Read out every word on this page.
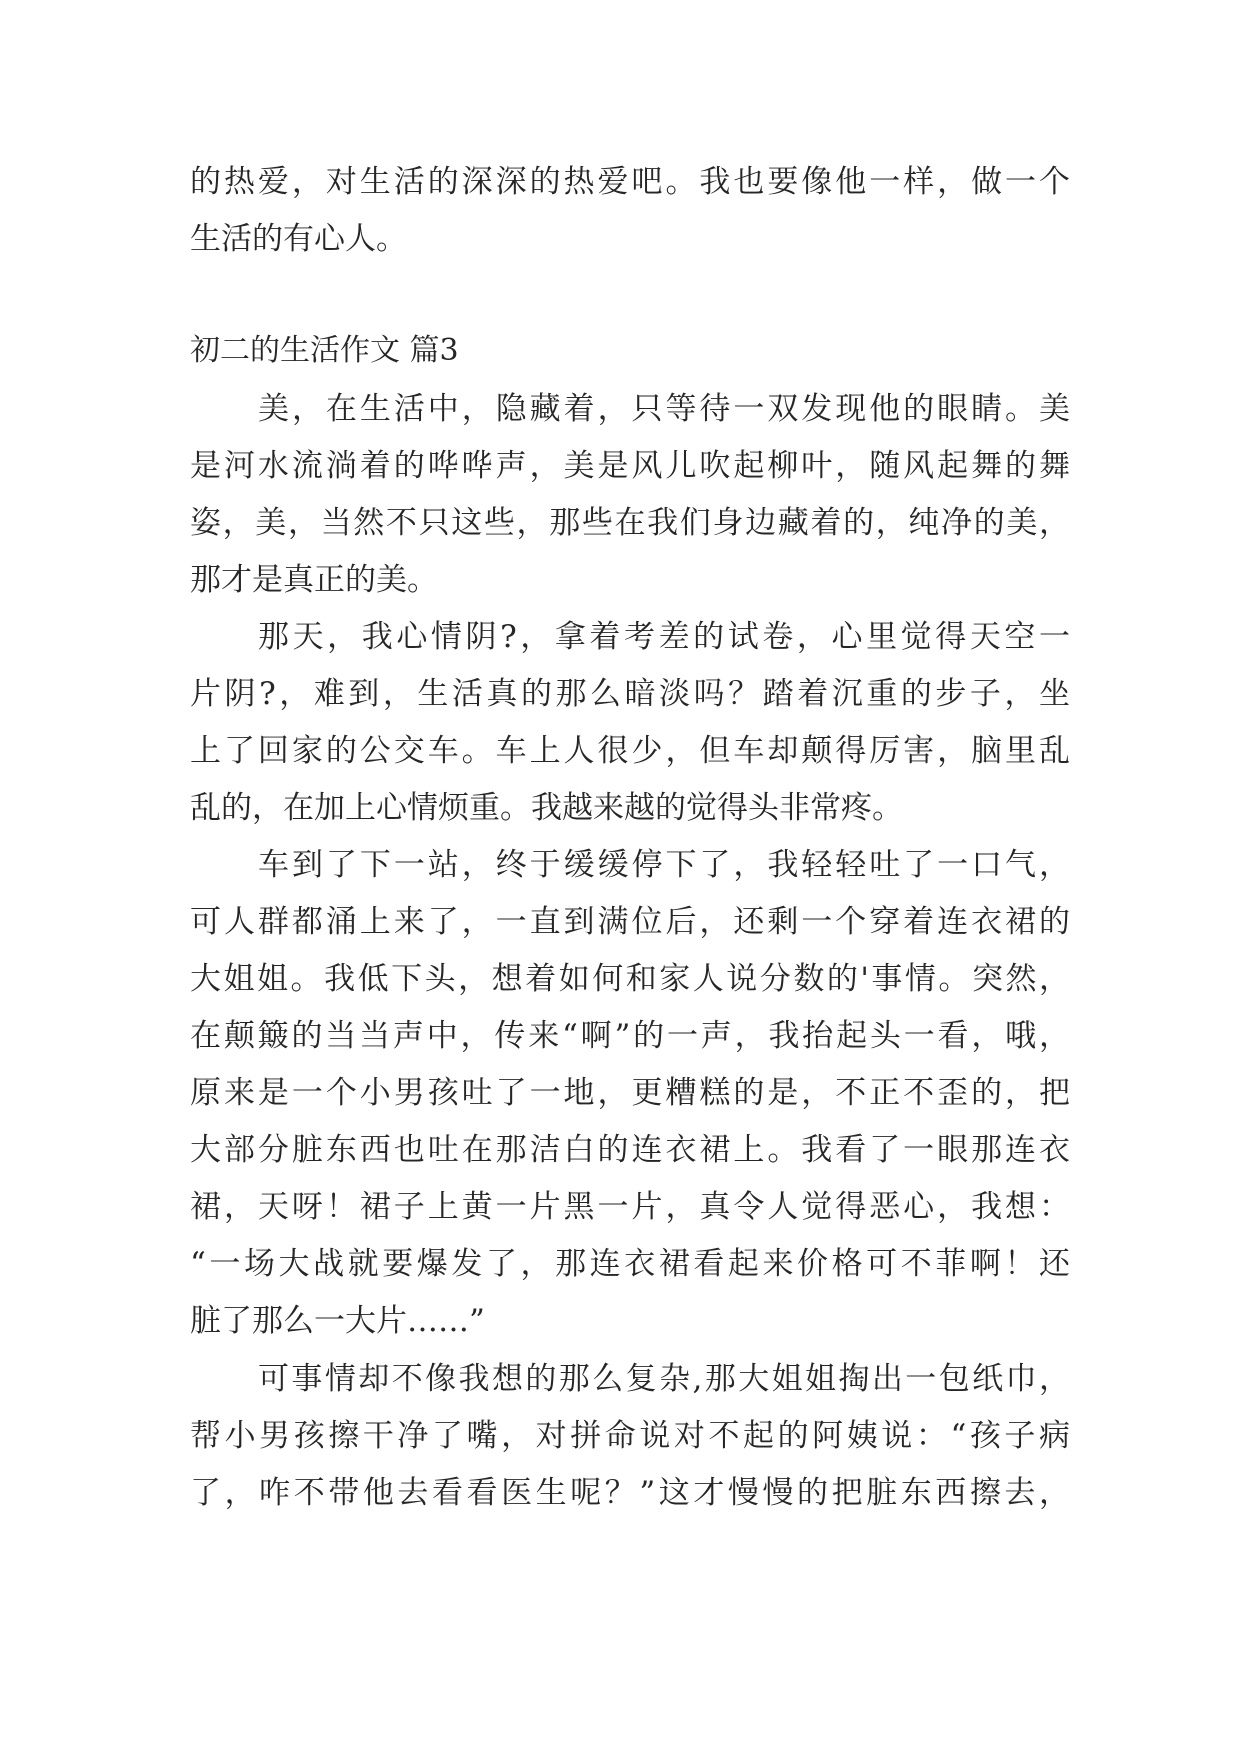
的热爱，对生活的深深的热爱吧。我也要像他一样，做一个
生活的有心人。
初二的生活作文 篇3
美，在生活中，隐藏着，只等待一双发现他的眼睛。美
是河水流淌着的哗哗声，美是风儿吹起柳叶，随风起舞的舞
姿，美，当然不只这些，那些在我们身边藏着的，纯净的美，
那才是真正的美。
那天，我心情阴?，拿着考差的试卷，心里觉得天空一
片阴?，难到，生活真的那么暗淡吗？踏着沉重的步子，坐
上了回家的公交车。车上人很少，但车却颠得厉害，脑里乱
乱的，在加上心情烦重。我越来越的觉得头非常疼。
车到了下一站，终于缓缓停下了，我轻轻吐了一口气，
可人群都涌上来了，一直到满位后，还剩一个穿着连衣裙的
大姐姐。我低下头，想着如何和家人说分数的'事情。突然，
在颠簸的当当声中，传来“啊”的一声，我抬起头一看，哦，
原来是一个小男孩吐了一地，更糟糕的是，不正不歪的，把
大部分脏东西也吐在那洁白的连衣裙上。我看了一眼那连衣
裙，天呀！裙子上黄一片黑一片，真令人觉得恶心，我想：
“一场大战就要爆发了，那连衣裙看起来价格可不菲啊！还
脏了那么一大片……”
可事情却不像我想的那么复杂,那大姐姐掏出一包纸巾，
帮小男孩擦干净了嘴，对拼命说对不起的阿姨说：“孩子病
了，咋不带他去看看医生呢？”这才慢慢的把脏东西擦去，
